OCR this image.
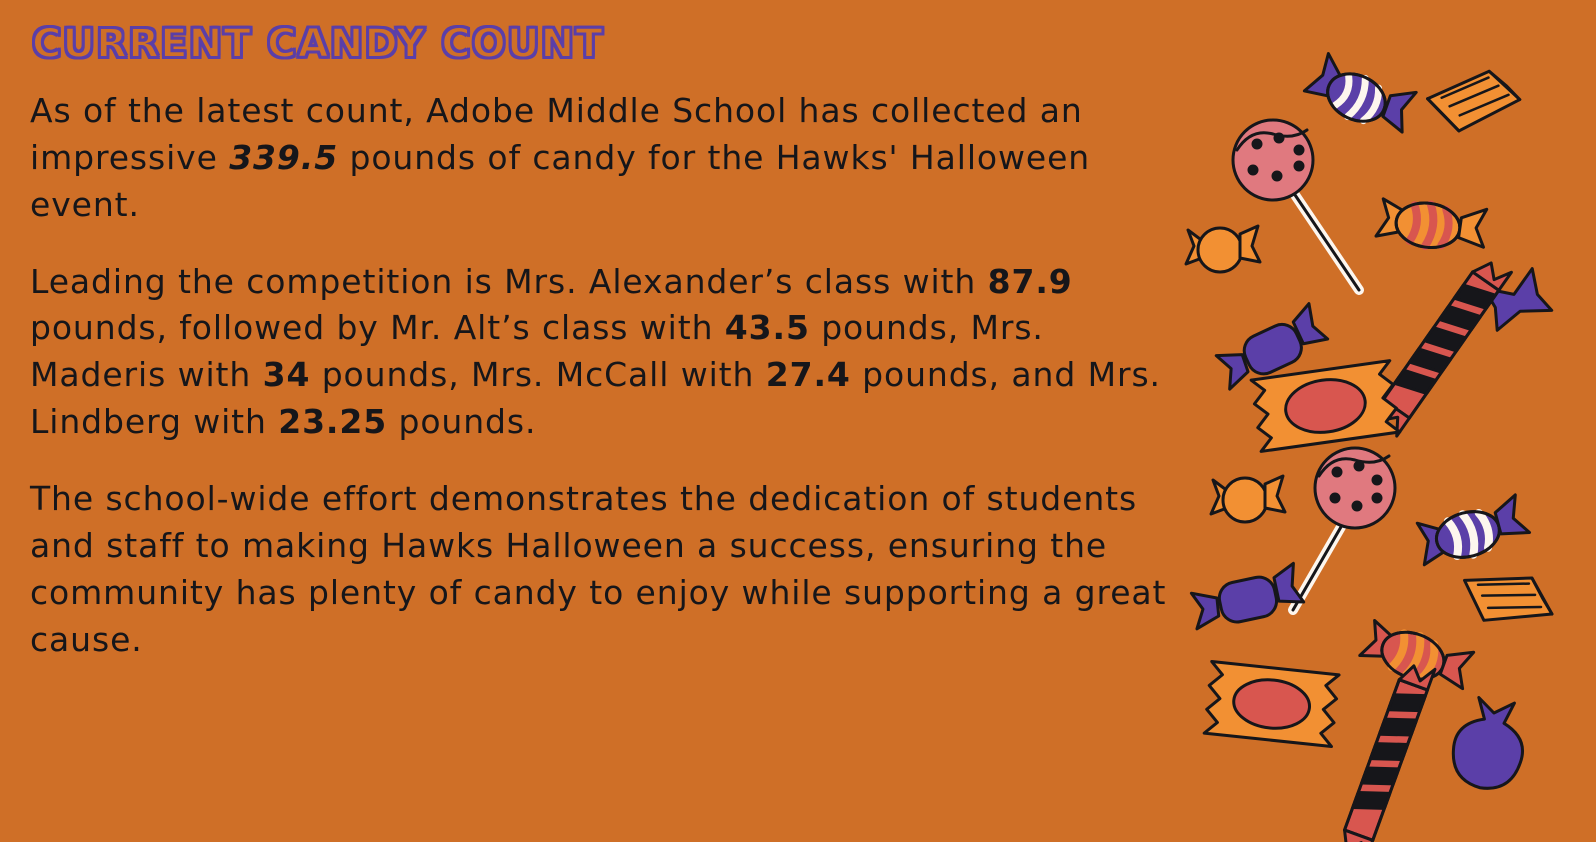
CURRENT CANDY COUNT

As of the latest count, Adobe Middle School has collected an impressive 339.5 pounds of candy for the Hawks' Halloween event.

Leading the competition is Mrs. Alexander’s class with 87.9 pounds, followed by Mr. Alt’s class with 43.5 pounds, Mrs. Maderis with 34 pounds, Mrs. McCall with 27.4 pounds, and Mrs. Lindberg with 23.25 pounds.

The school-wide effort demonstrates the dedication of students and staff to making Hawks Halloween a success, ensuring the community has plenty of candy to enjoy while supporting a great cause.
